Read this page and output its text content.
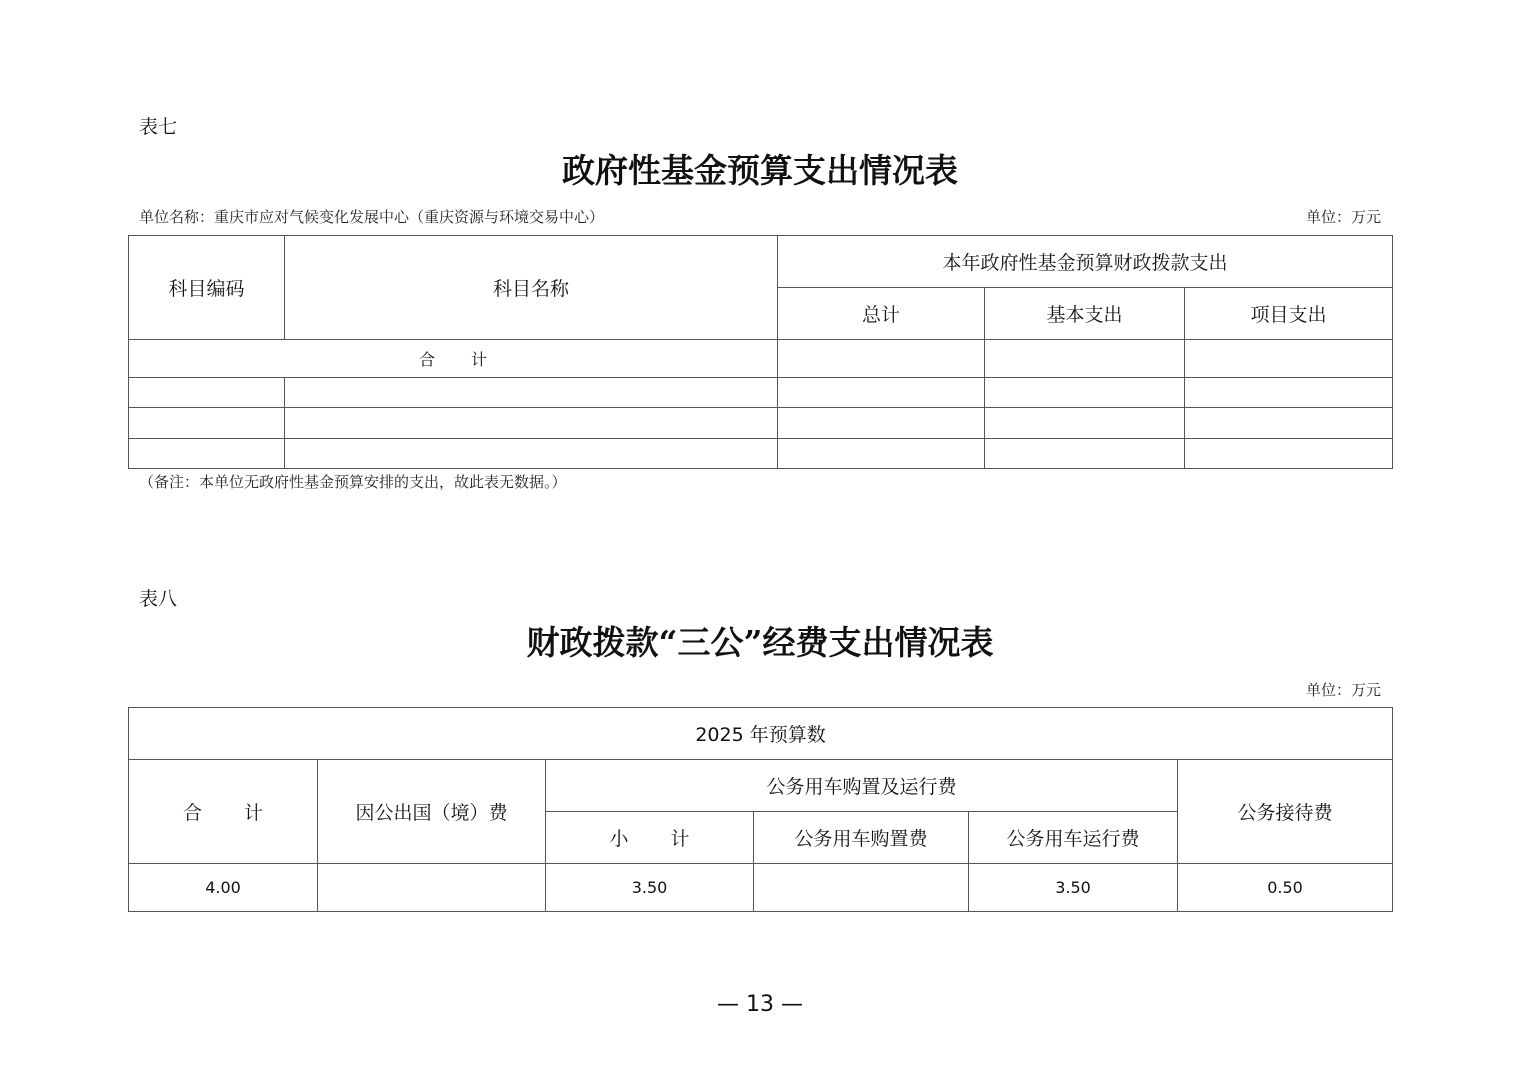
表七
政府性基金预算支出情况表
单位名称：重庆市应对气候变化发展中心（重庆资源与环境交易中心）	单位：万元
科目编码	科目名称	本年政府性基金预算财政拨款支出		
		总计	基本支出	项目支出
合 计				

（备注：本单位无政府性基金预算安排的支出，故此表无数据。）
表八
财政拨款“三公”经费支出情况表
单位：万元
2025 年预算数					
合 计	因公出国（境）费	公务用车购置及运行费			公务接待费
		小 计	公务用车购置费	公务用车运行费	
4.00		3.50		3.50	0.50
— 13 —
